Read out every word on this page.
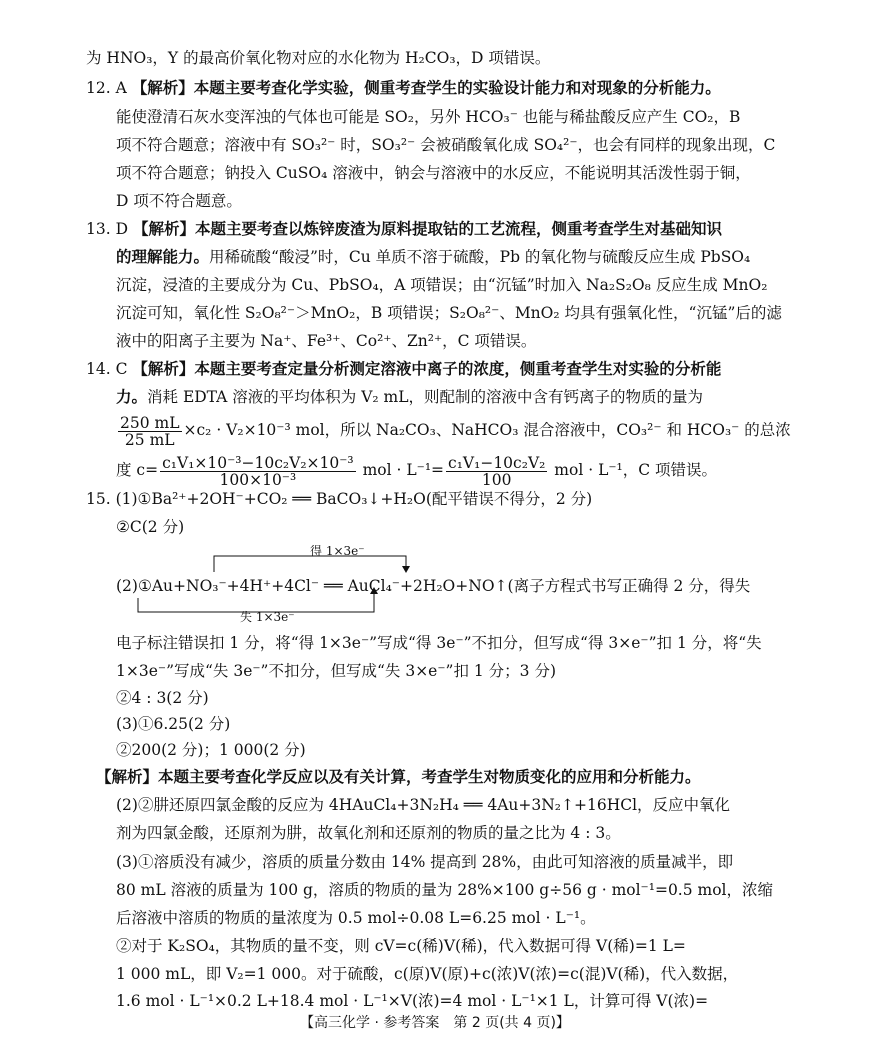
为 HNO₃，Y 的最高价氧化物对应的水化物为 H₂CO₃，D 项错误。
12. A 【解析】本题主要考查化学实验，侧重考查学生的实验设计能力和对现象的分析能力。
能使澄清石灰水变浑浊的气体也可能是 SO₂，另外 HCO₃⁻ 也能与稀盐酸反应产生 CO₂，B
项不符合题意；溶液中有 SO₃²⁻ 时，SO₃²⁻ 会被硝酸氧化成 SO₄²⁻，也会有同样的现象出现，C
项不符合题意；钠投入 CuSO₄ 溶液中，钠会与溶液中的水反应，不能说明其活泼性弱于铜，
D 项不符合题意。
13. D 【解析】本题主要考查以炼锌废渣为原料提取钴的工艺流程，侧重考查学生对基础知识
的理解能力。用稀硫酸“酸浸”时，Cu 单质不溶于硫酸，Pb 的氧化物与硫酸反应生成 PbSO₄
沉淀，浸渣的主要成分为 Cu、PbSO₄，A 项错误；由“沉锰”时加入 Na₂S₂O₈ 反应生成 MnO₂
沉淀可知，氧化性 S₂O₈²⁻＞MnO₂，B 项错误；S₂O₈²⁻、MnO₂ 均具有强氧化性，“沉锰”后的滤
液中的阳离子主要为 Na⁺、Fe³⁺、Co²⁺、Zn²⁺，C 项错误。
14. C 【解析】本题主要考查定量分析测定溶液中离子的浓度，侧重考查学生对实验的分析能
力。消耗 EDTA 溶液的平均体积为 V₂ mL，则配制的溶液中含有钙离子的物质的量为
$\frac{250 mL}{25 mL} \times c_2 \cdot V_2\times 10^{-3}$ mol，所以 Na₂CO₃、NaHCO₃ 混合溶液中，CO₃²⁻ 和 HCO₃⁻ 的总浓
度 $c= \frac{\text{c₁V₁×10⁻³−10c₂V₂×10⁻³}}{\text{100×10⁻³}}$ mol · $L^{-1}= \frac{\text{c₁V₁−10c₂V₂}}{100}$ mol · L⁻¹，C 项错误。
15. (1)①Ba²⁺+2OH⁻+CO₂ ══ BaCO₃↓+H₂O(配平错误不得分，2 分)
②C(2 分)
得 1×3e⁻
失 1×3e⁻
(2)①Au+NO₃⁻+4H⁺+4Cl⁻ ══ AuCl₄⁻+2H₂O+NO↑(离子方程式书写正确得 2 分，得失
电子标注错误扣 1 分，将“得 1×3e⁻”写成“得 3e⁻”不扣分，但写成“得 3×e⁻”扣 1 分，将“失
1×3e⁻”写成“失 3e⁻”不扣分，但写成“失 3×e⁻”扣 1 分；3 分)
②4 : 3(2 分)
(3)①6.25(2 分)
②200(2 分)；1 000(2 分)
【解析】本题主要考查化学反应以及有关计算，考查学生对物质变化的应用和分析能力。
(2)②肼还原四氯金酸的反应为 4HAuCl₄+3N₂H₄ ══ 4Au+3N₂↑+16HCl，反应中氧化
剂为四氯金酸，还原剂为肼，故氧化剂和还原剂的物质的量之比为 4 : 3。
(3)①溶质没有减少，溶质的质量分数由 14% 提高到 28%，由此可知溶液的质量减半，即
80 mL 溶液的质量为 100 g，溶质的物质的量为 28%×100 g÷56 g · mol⁻¹=0.5 mol，浓缩
后溶液中溶质的物质的量浓度为 0.5 mol÷0.08 L=6.25 mol · L⁻¹。
②对于 K₂SO₄，其物质的量不变，则 cV=c(稀)V(稀)，代入数据可得 V(稀)=1 L=
1 000 mL，即 V₂=1 000。对于硫酸，c(原)V(原)+c(浓)V(浓)=c(混)V(稀)，代入数据，
1.6 mol · L⁻¹×0.2 L+18.4 mol · L⁻¹×V(浓)=4 mol · L⁻¹×1 L，计算可得 V(浓)=
【高三化学 · 参考答案　第 2 页(共 4 页)】
